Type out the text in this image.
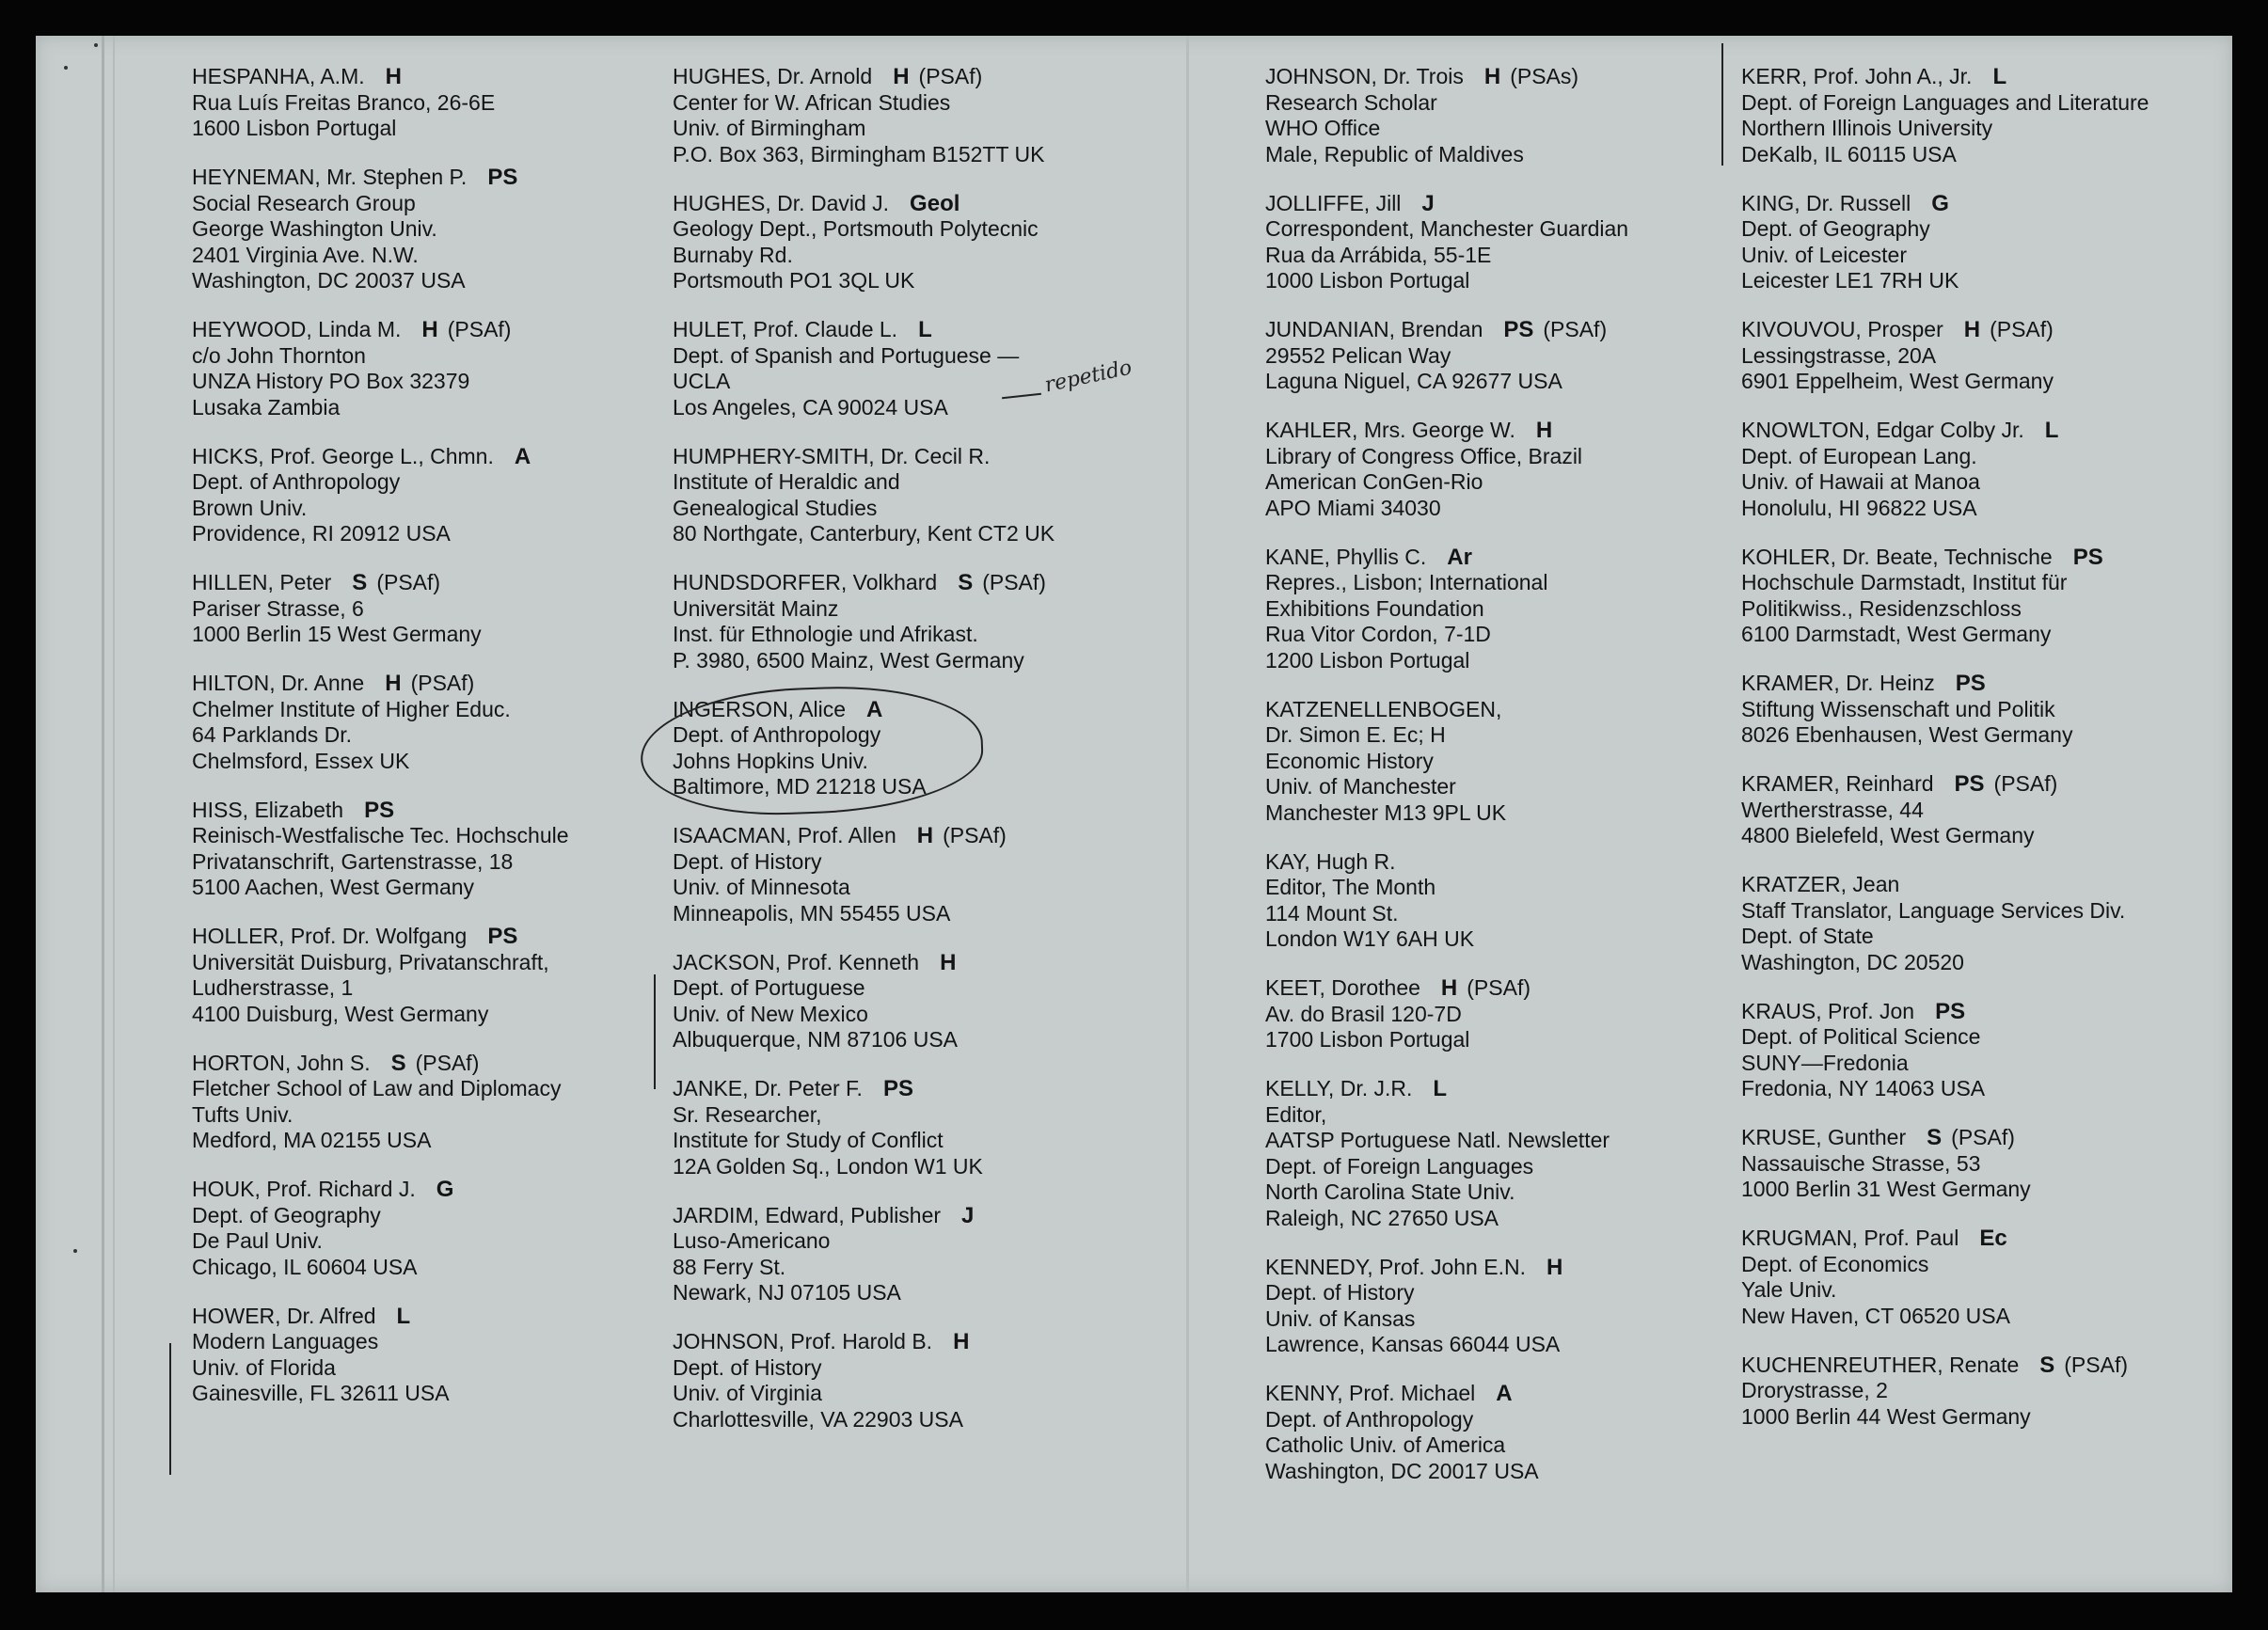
HESPANHA, A.M. H
Rua Luís Freitas Branco, 26-6E
1600 Lisbon Portugal
HEYNEMAN, Mr. Stephen P. PS
Social Research Group
George Washington Univ.
2401 Virginia Ave. N.W.
Washington, DC 20037 USA
HEYWOOD, Linda M. H (PSAf)
c/o John Thornton
UNZA History PO Box 32379
Lusaka Zambia
HICKS, Prof. George L., Chmn. A
Dept. of Anthropology
Brown Univ.
Providence, RI 20912 USA
HILLEN, Peter S (PSAf)
Pariser Strasse, 6
1000 Berlin 15 West Germany
HILTON, Dr. Anne H (PSAf)
Chelmer Institute of Higher Educ.
64 Parklands Dr.
Chelmsford, Essex UK
HISS, Elizabeth PS
Reinisch-Westfalische Tec. Hochschule
Privatanschrift, Gartenstrasse, 18
5100 Aachen, West Germany
HOLLER, Prof. Dr. Wolfgang PS
Universität Duisburg, Privatanschraft,
Ludherstrasse, 1
4100 Duisburg, West Germany
HORTON, John S. S (PSAf)
Fletcher School of Law and Diplomacy
Tufts Univ.
Medford, MA 02155 USA
HOUK, Prof. Richard J. G
Dept. of Geography
De Paul Univ.
Chicago, IL 60604 USA
HOWER, Dr. Alfred L
Modern Languages
Univ. of Florida
Gainesville, FL 32611 USA
HUGHES, Dr. Arnold H (PSAf)
Center for W. African Studies
Univ. of Birmingham
P.O. Box 363, Birmingham B152TT UK
HUGHES, Dr. David J. Geol
Geology Dept., Portsmouth Polytecnic
Burnaby Rd.
Portsmouth PO1 3QL UK
HULET, Prof. Claude L. L
Dept. of Spanish and Portuguese —
UCLA
Los Angeles, CA 90024 USA
HUMPHERY-SMITH, Dr. Cecil R.
Institute of Heraldic and
Genealogical Studies
80 Northgate, Canterbury, Kent CT2 UK
HUNDSDORFER, Volkhard S (PSAf)
Universität Mainz
Inst. für Ethnologie und Afrikast.
P. 3980, 6500 Mainz, West Germany
INGERSON, Alice A
Dept. of Anthropology
Johns Hopkins Univ.
Baltimore, MD 21218 USA
ISAACMAN, Prof. Allen H (PSAf)
Dept. of History
Univ. of Minnesota
Minneapolis, MN 55455 USA
JACKSON, Prof. Kenneth H
Dept. of Portuguese
Univ. of New Mexico
Albuquerque, NM 87106 USA
JANKE, Dr. Peter F. PS
Sr. Researcher,
Institute for Study of Conflict
12A Golden Sq., London W1 UK
JARDIM, Edward, Publisher J
Luso-Americano
88 Ferry St.
Newark, NJ 07105 USA
JOHNSON, Prof. Harold B. H
Dept. of History
Univ. of Virginia
Charlottesville, VA 22903 USA
JOHNSON, Dr. Trois H (PSAs)
Research Scholar
WHO Office
Male, Republic of Maldives
JOLLIFFE, Jill J
Correspondent, Manchester Guardian
Rua da Arrábida, 55-1E
1000 Lisbon Portugal
JUNDANIAN, Brendan PS (PSAf)
29552 Pelican Way
Laguna Niguel, CA 92677 USA
KAHLER, Mrs. George W. H
Library of Congress Office, Brazil
American ConGen-Rio
APO Miami 34030
KANE, Phyllis C. Ar
Repres., Lisbon; International
Exhibitions Foundation
Rua Vitor Cordon, 7-1D
1200 Lisbon Portugal
KATZENELLENBOGEN,
Dr. Simon E. Ec; H
Economic History
Univ. of Manchester
Manchester M13 9PL UK
KAY, Hugh R.
Editor, The Month
114 Mount St.
London W1Y 6AH UK
KEET, Dorothee H (PSAf)
Av. do Brasil 120-7D
1700 Lisbon Portugal
KELLY, Dr. J.R. L
Editor,
AATSP Portuguese Natl. Newsletter
Dept. of Foreign Languages
North Carolina State Univ.
Raleigh, NC 27650 USA
KENNEDY, Prof. John E.N. H
Dept. of History
Univ. of Kansas
Lawrence, Kansas 66044 USA
KENNY, Prof. Michael A
Dept. of Anthropology
Catholic Univ. of America
Washington, DC 20017 USA
KERR, Prof. John A., Jr. L
Dept. of Foreign Languages and Literature
Northern Illinois University
DeKalb, IL 60115 USA
KING, Dr. Russell G
Dept. of Geography
Univ. of Leicester
Leicester LE1 7RH UK
KIVOUVOU, Prosper H (PSAf)
Lessingstrasse, 20A
6901 Eppelheim, West Germany
KNOWLTON, Edgar Colby Jr. L
Dept. of European Lang.
Univ. of Hawaii at Manoa
Honolulu, HI 96822 USA
KOHLER, Dr. Beate, Technische PS
Hochschule Darmstadt, Institut für
Politikwiss., Residenzschloss
6100 Darmstadt, West Germany
KRAMER, Dr. Heinz PS
Stiftung Wissenschaft und Politik
8026 Ebenhausen, West Germany
KRAMER, Reinhard PS (PSAf)
Wertherstrasse, 44
4800 Bielefeld, West Germany
KRATZER, Jean
Staff Translator, Language Services Div.
Dept. of State
Washington, DC 20520
KRAUS, Prof. Jon PS
Dept. of Political Science
SUNY—Fredonia
Fredonia, NY 14063 USA
KRUSE, Gunther S (PSAf)
Nassauische Strasse, 53
1000 Berlin 31 West Germany
KRUGMAN, Prof. Paul Ec
Dept. of Economics
Yale Univ.
New Haven, CT 06520 USA
KUCHENREUTHER, Renate S (PSAf)
Drorystrasse, 2
1000 Berlin 44 West Germany
repetido
